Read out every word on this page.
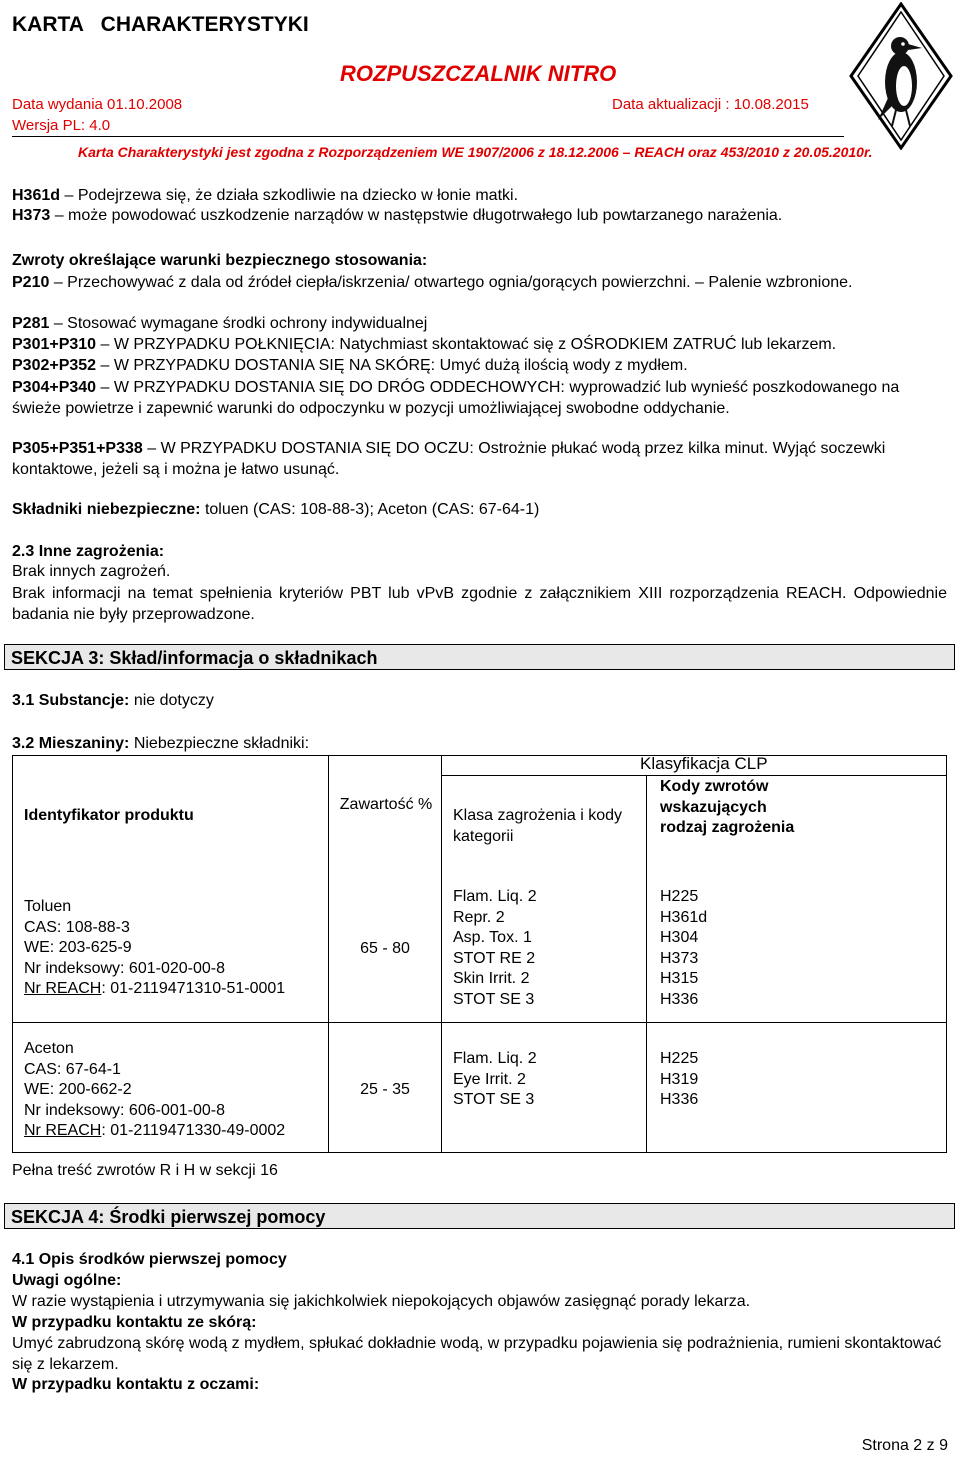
KARTA   CHARAKTERYSTYKI
ROZPUSZCZALNIK NITRO
Data wydania 01.10.2008	Data aktualizacji : 10.08.2015
Wersja PL: 4.0
Karta Charakterystyki jest zgodna z Rozporządzeniem WE 1907/2006 z 18.12.2006 – REACH oraz 453/2010 z 20.05.2010r.
H361d – Podejrzewa się, że działa szkodliwie na dziecko w łonie matki.
H373 – może powodować uszkodzenie narządów w następstwie długotrwałego lub powtarzanego narażenia.
Zwroty określające warunki bezpiecznego stosowania:
P210 – Przechowywać z dala od źródeł ciepła/iskrzenia/ otwartego ognia/gorących powierzchni. – Palenie wzbronione.
P281 – Stosować wymagane środki ochrony indywidualnej
P301+P310 – W PRZYPADKU POŁKNIĘCIA: Natychmiast skontaktować się z OŚRODKIEM ZATRUĆ lub lekarzem.
P302+P352 – W PRZYPADKU DOSTANIA SIĘ NA SKÓRĘ: Umyć dużą ilością wody z mydłem.
P304+P340 – W PRZYPADKU DOSTANIA SIĘ DO DRÓG ODDECHOWYCH: wyprowadzić lub wynieść poszkodowanego na świeże powietrze i zapewnić warunki do odpoczynku w pozycji umożliwiającej swobodne oddychanie.
P305+P351+P338 – W PRZYPADKU DOSTANIA SIĘ DO OCZU: Ostrożnie płukać wodą przez kilka minut. Wyjąć soczewki kontaktowe, jeżeli są i można je łatwo usunąć.
Składniki niebezpieczne: toluen (CAS: 108-88-3); Aceton (CAS: 67-64-1)
2.3 Inne zagrożenia:
Brak innych zagrożeń.
Brak informacji na temat spełnienia kryteriów PBT lub vPvB zgodnie z załącznikiem XIII rozporządzenia REACH. Odpowiednie badania nie były przeprowadzone.
SEKCJA 3: Skład/informacja o składnikach
3.1 Substancje: nie dotyczy
3.2 Mieszaniny: Niebezpieczne składniki:
Klasyfikacja CLP
Identyfikator produktu
Zawartość %
Klasa zagrożenia i kody kategorii
Kody zwrotów wskazujących rodzaj zagrożenia
Toluen
CAS: 108-88-3
WE: 203-625-9
Nr indeksowy: 601-020-00-8
Nr REACH: 01-2119471310-51-0001
65 - 80
Flam. Liq. 2
Repr. 2
Asp. Tox. 1
STOT RE 2
Skin Irrit. 2
STOT SE 3
H225
H361d
H304
H373
H315
H336
Aceton
CAS: 67-64-1
WE: 200-662-2
Nr indeksowy: 606-001-00-8
Nr REACH: 01-2119471330-49-0002
25 - 35
Flam. Liq. 2
Eye Irrit. 2
STOT SE 3
H225
H319
H336
Pełna treść zwrotów R i H w sekcji 16
SEKCJA 4: Środki pierwszej pomocy
4.1 Opis środków pierwszej pomocy
Uwagi ogólne:
W razie wystąpienia i utrzymywania się jakichkolwiek niepokojących objawów zasięgnąć porady lekarza.
W przypadku kontaktu ze skórą:
Umyć zabrudzoną skórę wodą z mydłem, spłukać dokładnie wodą, w przypadku pojawienia się podrażnienia, rumieni skontaktować się z lekarzem.
W przypadku kontaktu z oczami:
Strona 2 z 9
